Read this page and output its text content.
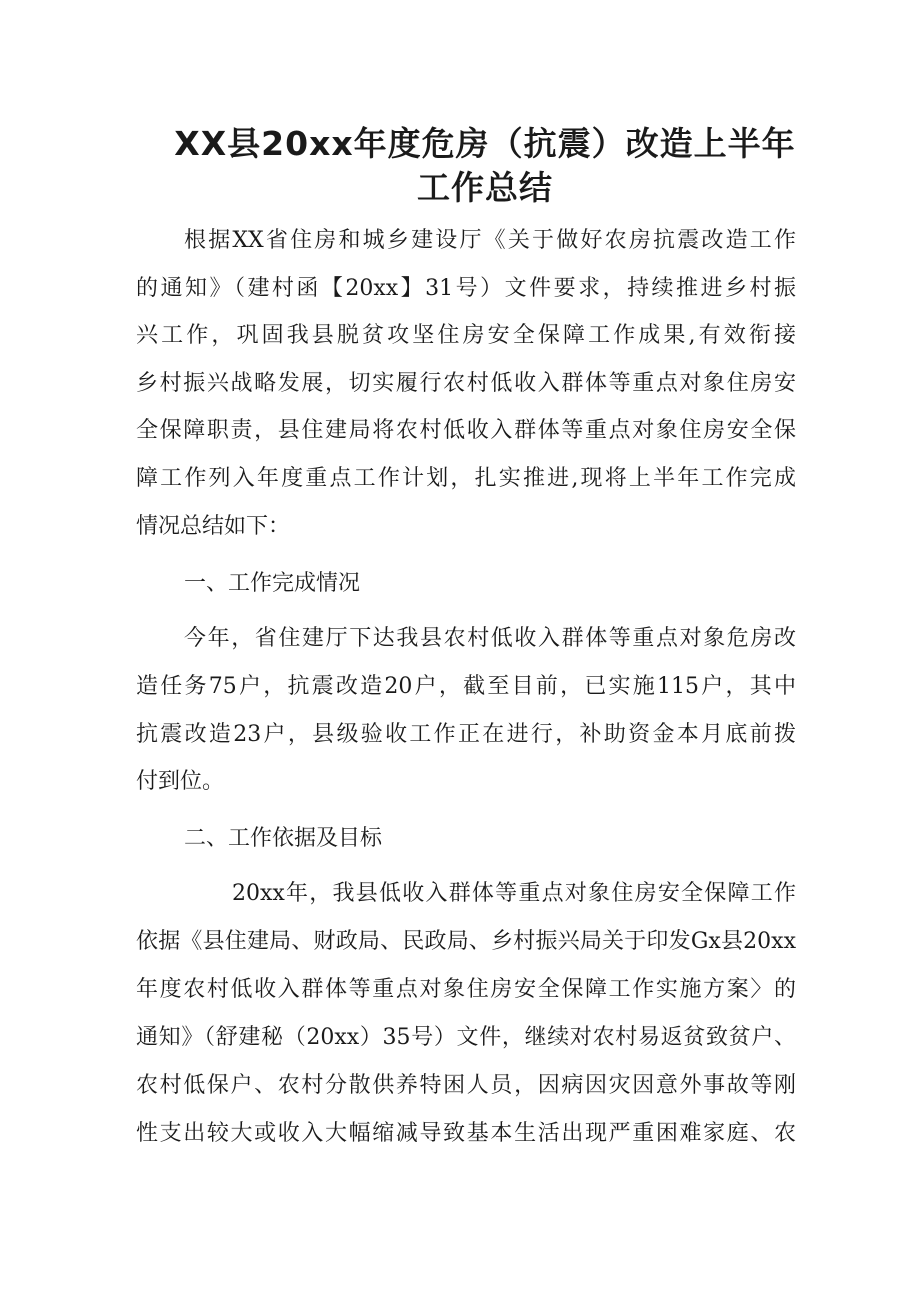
XX县20xx年度危房（抗震）改造上半年
工作总结

根据XX省住房和城乡建设厅《关于做好农房抗震改造工作

的通知》（建村函【20xx】31号）文件要求，持续推进乡村振

兴工作，巩固我县脱贫攻坚住房安全保障工作成果,有效衔接

乡村振兴战略发展，切实履行农村低收入群体等重点对象住房安

全保障职责，县住建局将农村低收入群体等重点对象住房安全保

障工作列入年度重点工作计划，扎实推进,现将上半年工作完成

情况总结如下：

一、工作完成情况

今年，省住建厅下达我县农村低收入群体等重点对象危房改

造任务75户，抗震改造20户，截至目前，已实施115户，其中

抗震改造23户，县级验收工作正在进行，补助资金本月底前拨

付到位。

二、工作依据及目标

20xx年，我县低收入群体等重点对象住房安全保障工作

依据《县住建局、财政局、民政局、乡村振兴局关于印发Gx县20xx

年度农村低收入群体等重点对象住房安全保障工作实施方案〉的

通知》（舒建秘（20xx）35号）文件，继续对农村易返贫致贫户、

农村低保户、农村分散供养特困人员，因病因灾因意外事故等刚

性支出较大或收入大幅缩减导致基本生活出现严重困难家庭、农
